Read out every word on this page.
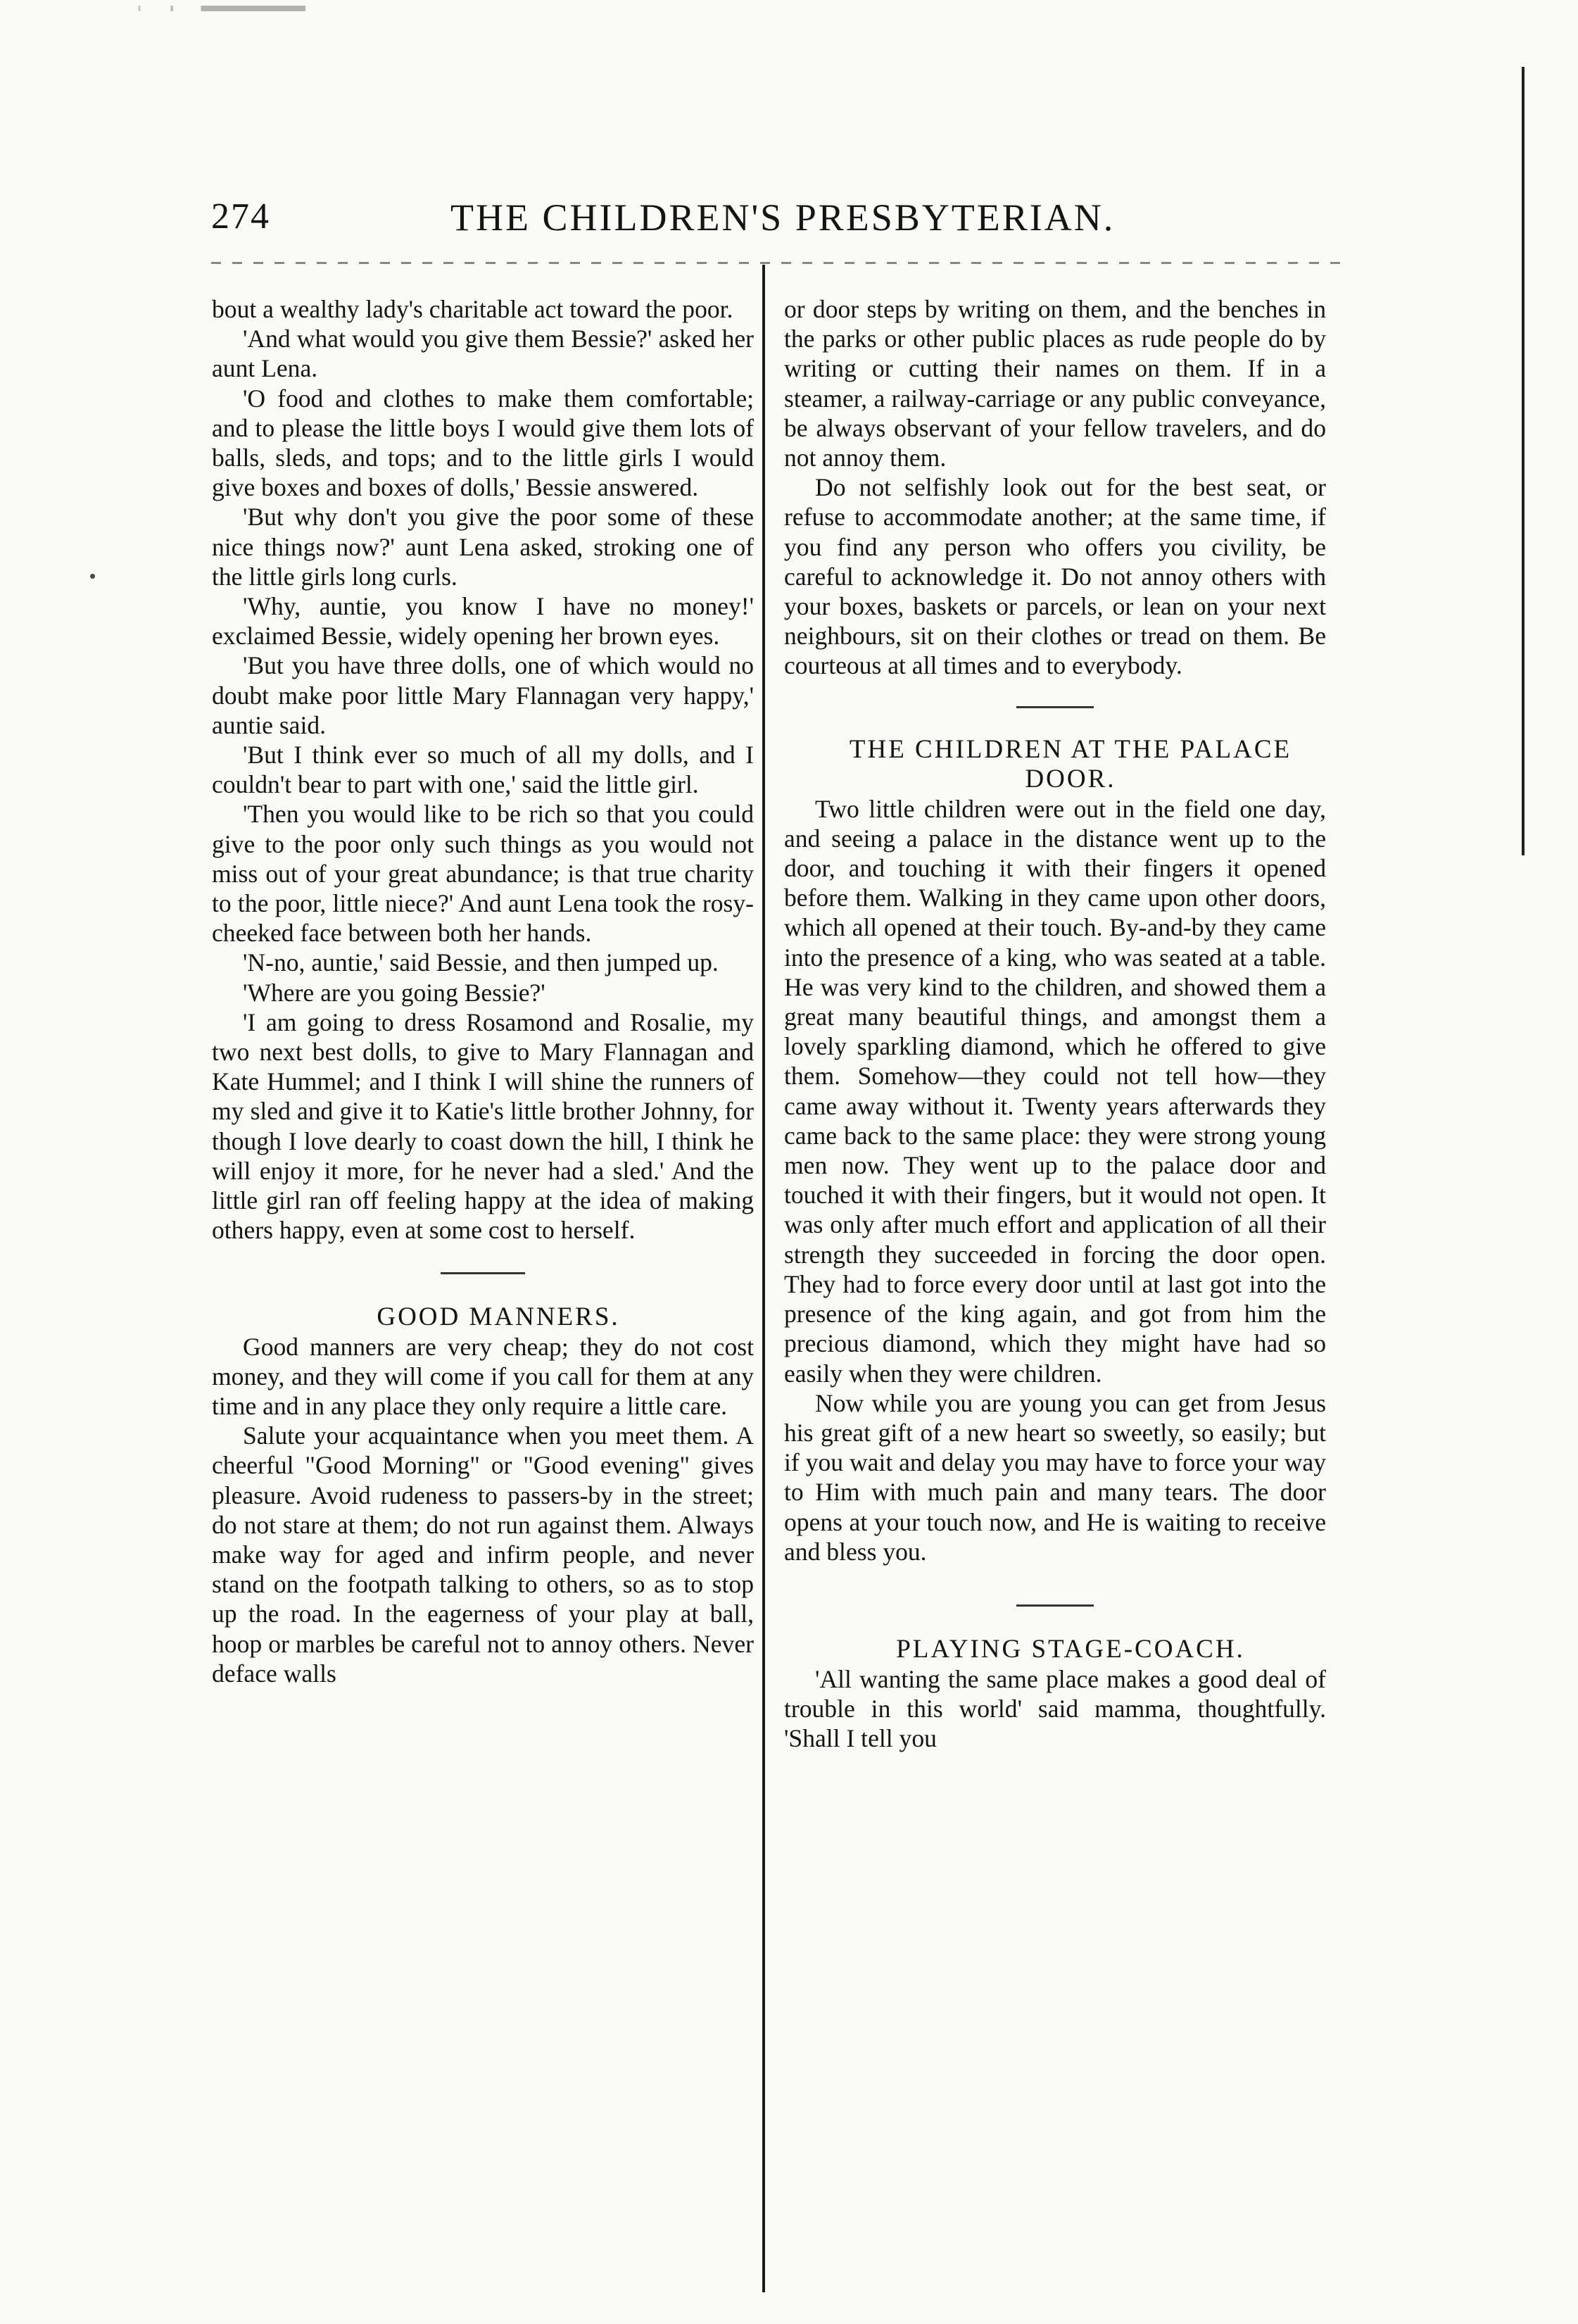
274	THE CHILDREN'S PRESBYTERIAN.

bout a wealthy lady's charitable act toward the poor.

'And what would you give them Bessie?' asked her aunt Lena.

'O food and clothes to make them comfortable; and to please the little boys I would give them lots of balls, sleds, and tops; and to the little girls I would give boxes and boxes of dolls,' Bessie answered.

'But why don't you give the poor some of these nice things now?' aunt Lena asked, stroking one of the little girls long curls.

'Why, auntie, you know I have no money!' exclaimed Bessie, widely opening her brown eyes.

'But you have three dolls, one of which would no doubt make poor little Mary Flannagan very happy,' auntie said.

'But I think ever so much of all my dolls, and I couldn't bear to part with one,' said the little girl.

'Then you would like to be rich so that you could give to the poor only such things as you would not miss out of your great abundance; is that true charity to the poor, little niece?' And aunt Lena took the rosy-cheeked face between both her hands.

'N-no, auntie,' said Bessie, and then jumped up.

'Where are you going Bessie?'

'I am going to dress Rosamond and Rosalie, my two next best dolls, to give to Mary Flannagan and Kate Hummel; and I think I will shine the runners of my sled and give it to Katie's little brother Johnny, for though I love dearly to coast down the hill, I think he will enjoy it more, for he never had a sled.' And the little girl ran off feeling happy at the idea of making others happy, even at some cost to herself.

GOOD MANNERS.

Good manners are very cheap; they do not cost money, and they will come if you call for them at any time and in any place they only require a little care.

Salute your acquaintance when you meet them. A cheerful "Good Morning" or "Good evening" gives pleasure. Avoid rudeness to passers-by in the street; do not stare at them; do not run against them. Always make way for aged and infirm people, and never stand on the footpath talking to others, so as to stop up the road. In the eagerness of your play at ball, hoop or marbles be careful not to annoy others. Never deface walls

or door steps by writing on them, and the benches in the parks or other public places as rude people do by writing or cutting their names on them. If in a steamer, a railway-carriage or any public conveyance, be always observant of your fellow travelers, and do not annoy them.

Do not selfishly look out for the best seat, or refuse to accommodate another; at the same time, if you find any person who offers you civility, be careful to acknowledge it. Do not annoy others with your boxes, baskets or parcels, or lean on your next neighbours, sit on their clothes or tread on them. Be courteous at all times and to everybody.

THE CHILDREN AT THE PALACE

DOOR.

Two little children were out in the field one day, and seeing a palace in the distance went up to the door, and touching it with their fingers it opened before them. Walking in they came upon other doors, which all opened at their touch. By-and-by they came into the presence of a king, who was seated at a table. He was very kind to the children, and showed them a great many beautiful things, and amongst them a lovely sparkling diamond, which he offered to give them. Somehow—they could not tell how—they came away without it. Twenty years afterwards they came back to the same place: they were strong young men now. They went up to the palace door and touched it with their fingers, but it would not open. It was only after much effort and application of all their strength they succeeded in forcing the door open. They had to force every door until at last got into the presence of the king again, and got from him the precious diamond, which they might have had so easily when they were children.

Now while you are young you can get from Jesus his great gift of a new heart so sweetly, so easily; but if you wait and delay you may have to force your way to Him with much pain and many tears. The door opens at your touch now, and He is waiting to receive and bless you.

PLAYING STAGE-COACH.

'All wanting the same place makes a good deal of trouble in this world' said mamma, thoughtfully. 'Shall I tell you
